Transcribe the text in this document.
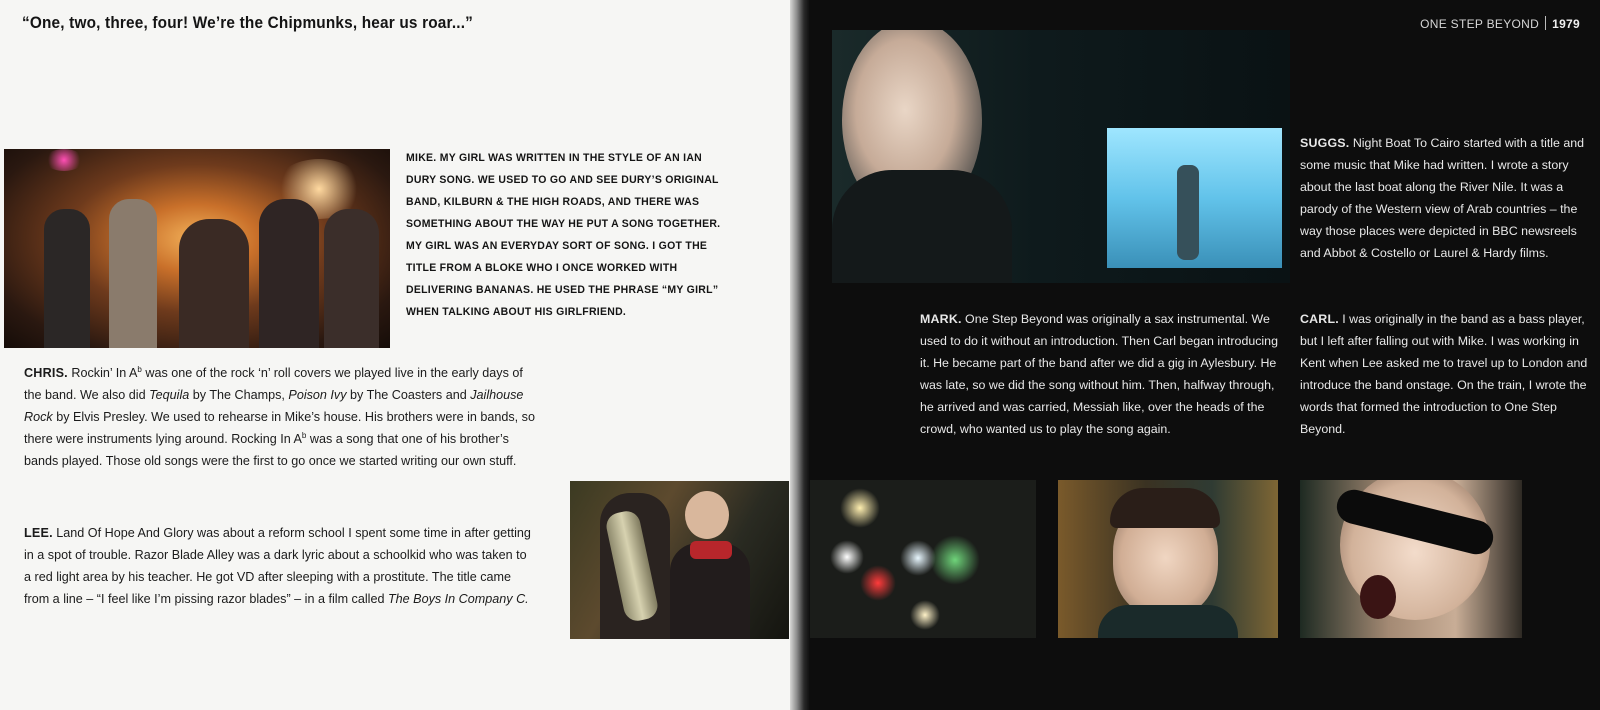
“One, two, three, four! We’re the Chipmunks, hear us roar...”

MIKE. MY GIRL WAS WRITTEN IN THE STYLE OF AN IAN DURY SONG. WE USED TO GO AND SEE DURY’S ORIGINAL BAND, KILBURN & THE HIGH ROADS, AND THERE WAS SOMETHING ABOUT THE WAY HE PUT A SONG TOGETHER. MY GIRL WAS AN EVERYDAY SORT OF SONG. I GOT THE TITLE FROM A BLOKE WHO I ONCE WORKED WITH DELIVERING BANANAS. HE USED THE PHRASE “MY GIRL” WHEN TALKING ABOUT HIS GIRLFRIEND.

CHRIS. Rockin’ In $A^b$ was one of the rock ‘n’ roll covers we played live in the early days of the band. We also did Tequila by The Champs, Poison Ivy by The Coasters and Jailhouse Rock by Elvis Presley. We used to rehearse in Mike’s house. His brothers were in bands, so there were instruments lying around. Rocking In $A^b$ was a song that one of his brother’s bands played. Those old songs were the first to go once we started writing our own stuff.

LEE. Land Of Hope And Glory was about a reform school I spent some time in after getting in a spot of trouble. Razor Blade Alley was a dark lyric about a schoolkid who was taken to a red light area by his teacher. He got VD after sleeping with a prostitute. The title came from a line – “I feel like I’m pissing razor blades” – in a film called The Boys In Company C.

ONE STEP BEYOND 1979

SUGGS. Night Boat To Cairo started with a title and some music that Mike had written. I wrote a story about the last boat along the River Nile. It was a parody of the Western view of Arab countries – the way those places were depicted in BBC newsreels and Abbot & Costello or Laurel & Hardy films.

MARK. One Step Beyond was originally a sax instrumental. We used to do it without an introduction. Then Carl began introducing it. He became part of the band after we did a gig in Aylesbury. He was late, so we did the song without him. Then, halfway through, he arrived and was carried, Messiah like, over the heads of the crowd, who wanted us to play the song again.

CARL. I was originally in the band as a bass player, but I left after falling out with Mike. I was working in Kent when Lee asked me to travel up to London and introduce the band onstage. On the train, I wrote the words that formed the introduction to One Step Beyond.
